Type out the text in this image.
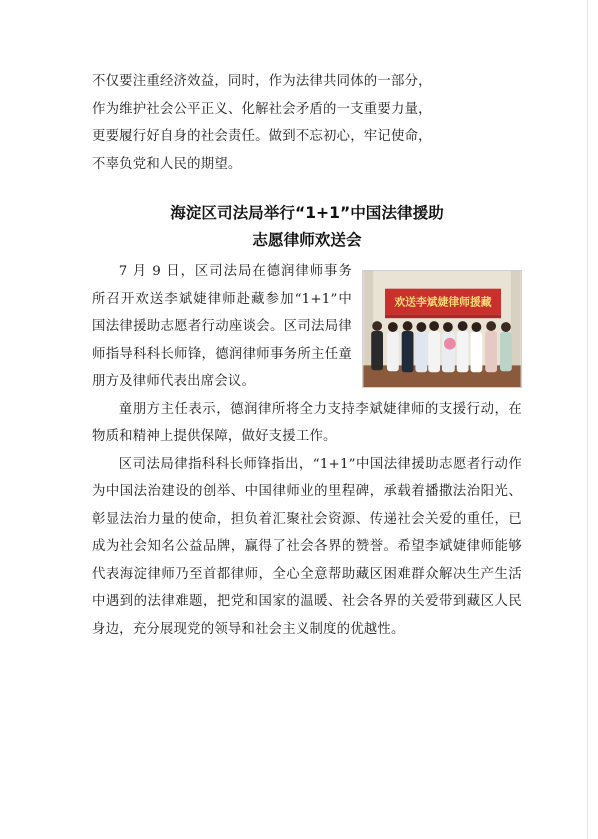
不仅要注重经济效益，同时，作为法律共同体的一部分，

作为维护社会公平正义、化解社会矛盾的一支重要力量，

更要履行好自身的社会责任。做到不忘初心，牢记使命，

不辜负党和人民的期望。

海淀区司法局举行“1+1”中国法律援助
志愿律师欢送会
欢送李斌婕律师援藏

7 月 9 日，区司法局在德润律师事务所召开欢送李斌婕律师赴藏参加“1+1”中国法律援助志愿者行动座谈会。区司法局律师指导科科长师锋，德润律师事务所主任童朋方及律师代表出席会议。

童朋方主任表示，德润律所将全力支持李斌婕律师的支援行动，在物质和精神上提供保障，做好支援工作。

区司法局律指科科长师锋指出，“1+1”中国法律援助志愿者行动作为中国法治建设的创举、中国律师业的里程碑，承载着播撒法治阳光、彰显法治力量的使命，担负着汇聚社会资源、传递社会关爱的重任，已成为社会知名公益品牌，赢得了社会各界的赞誉。希望李斌婕律师能够代表海淀律师乃至首都律师，全心全意帮助藏区困难群众解决生产生活中遇到的法律难题，把党和国家的温暖、社会各界的关爱带到藏区人民身边，充分展现党的领导和社会主义制度的优越性。
